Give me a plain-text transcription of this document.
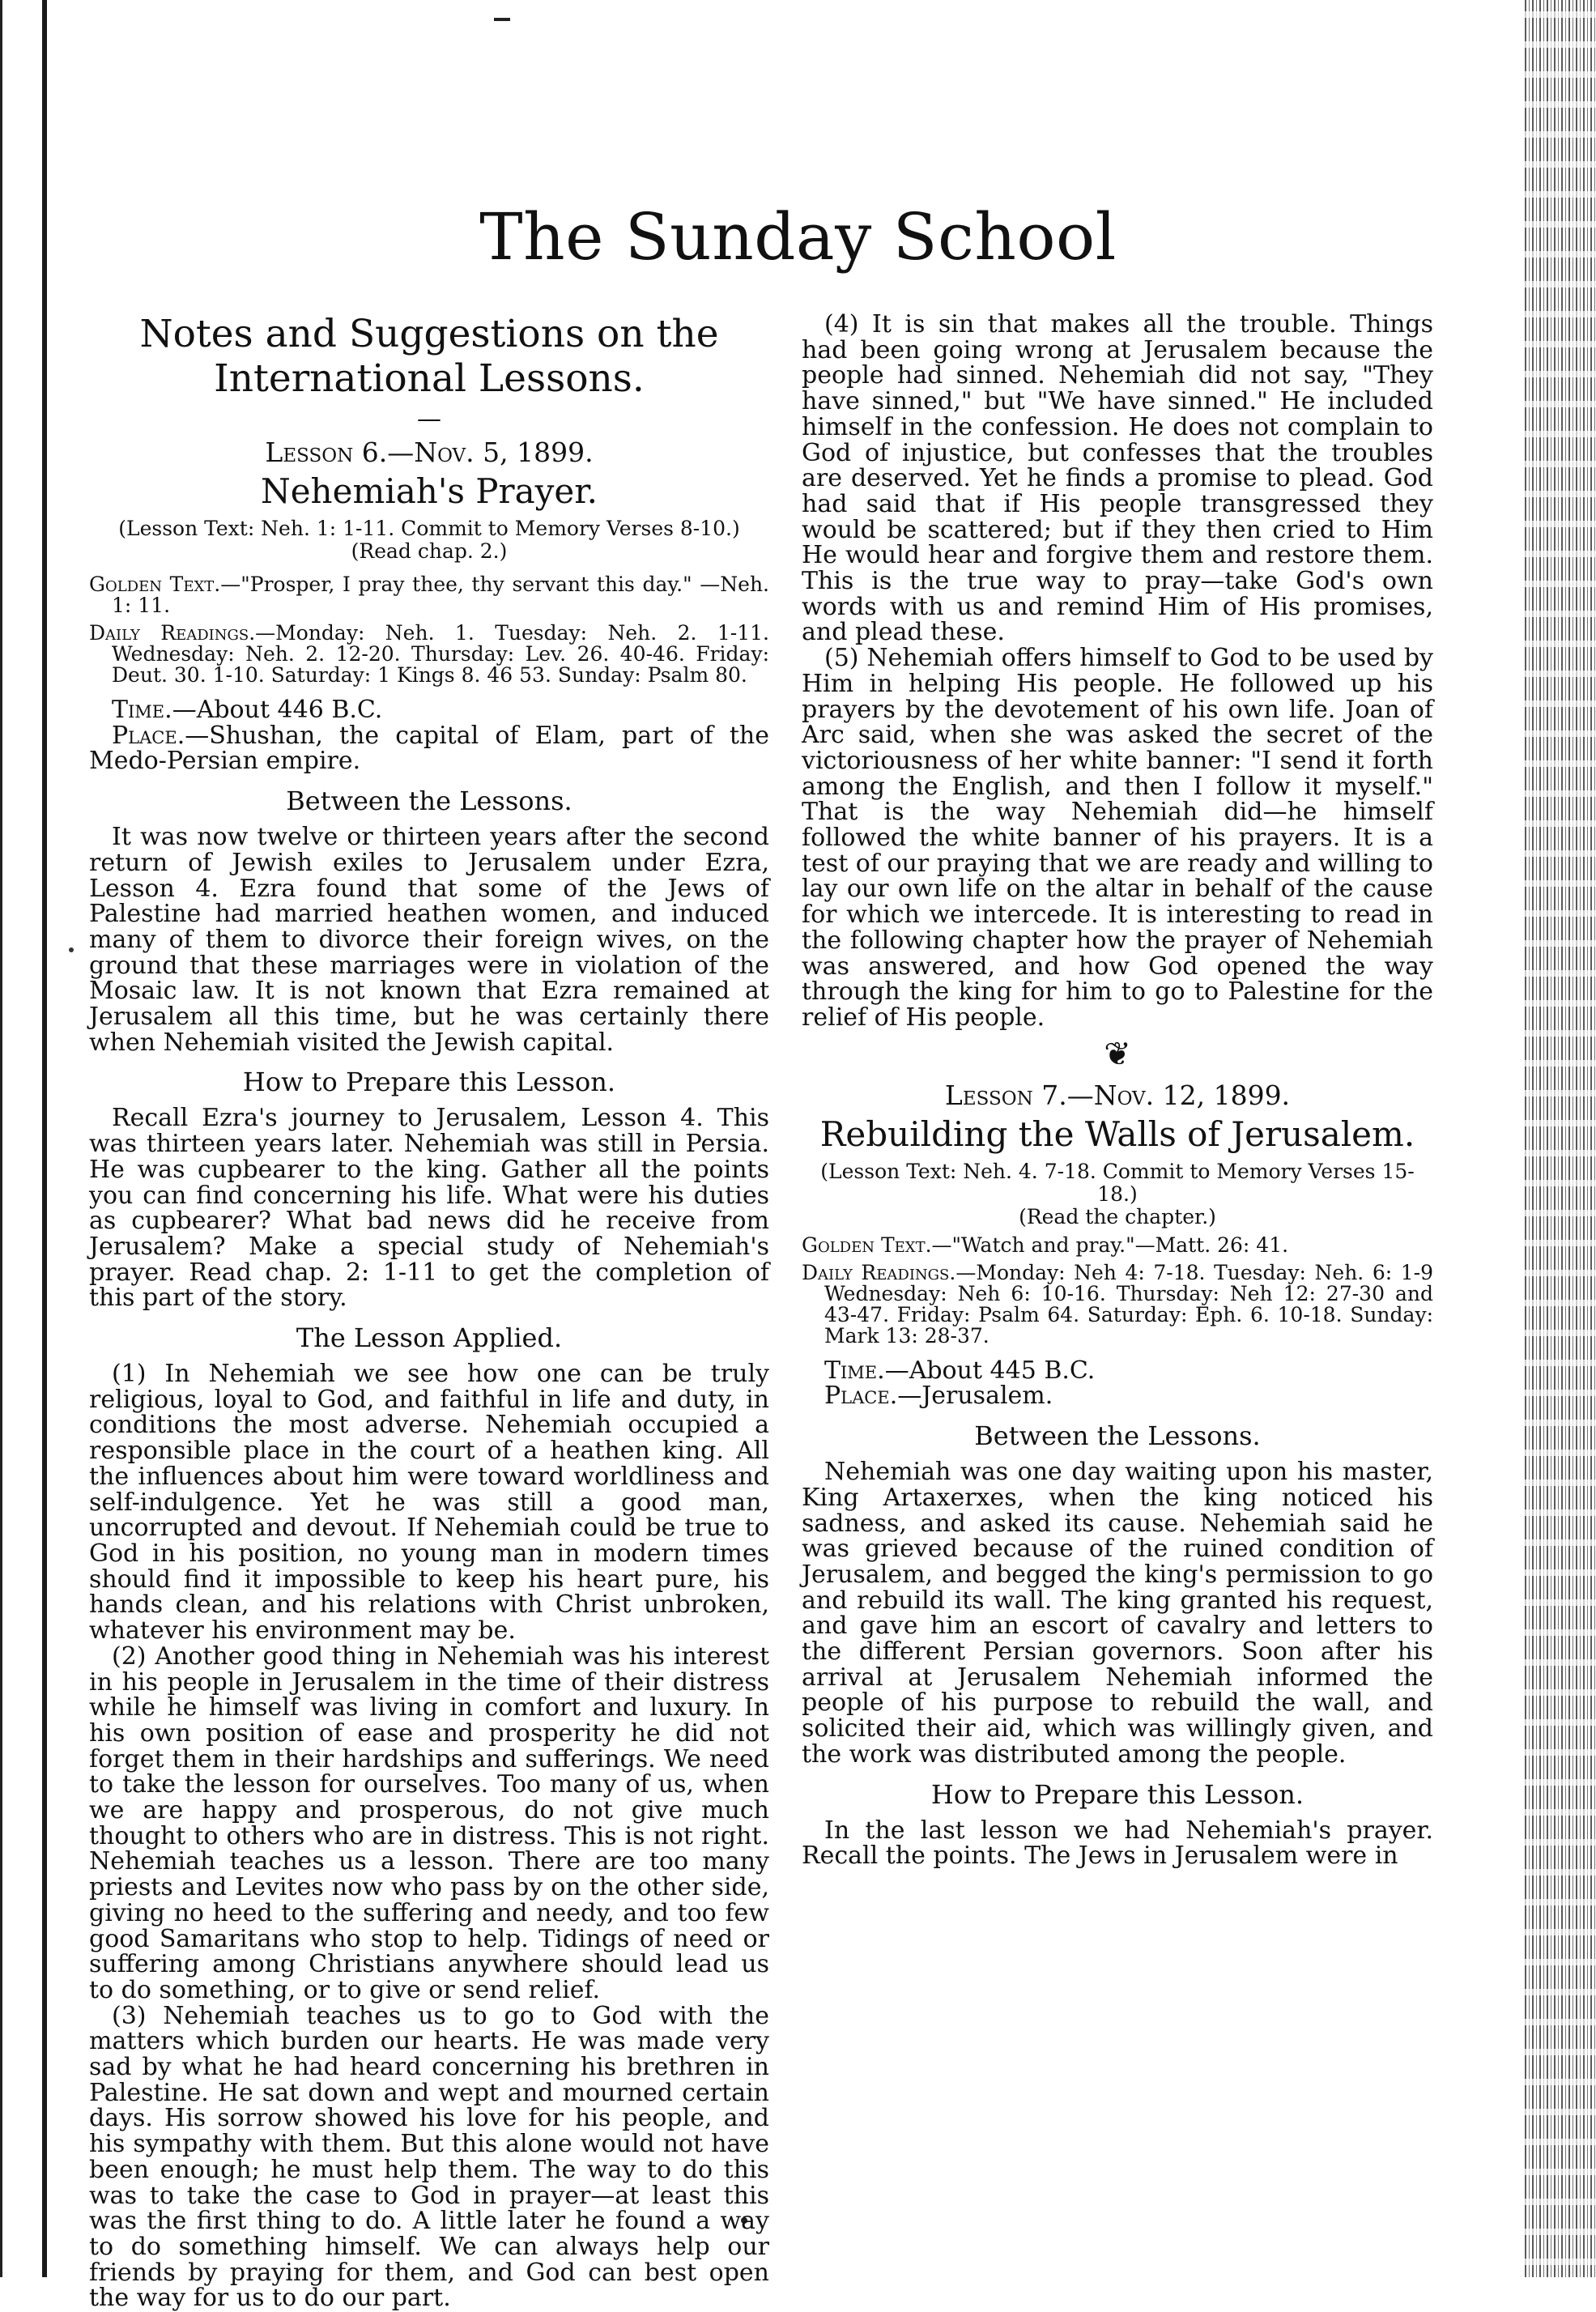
The Sunday School
Notes and Suggestions on the International Lessons.
—
Lesson 6.—Nov. 5, 1899.
Nehemiah's Prayer.
(Lesson Text: Neh. 1: 1-11. Commit to Memory Verses 8-10.)
(Read chap. 2.)

Golden Text.—"Prosper, I pray thee, thy servant this day." —Neh. 1: 11.

Daily Readings.—Monday: Neh. 1. Tuesday: Neh. 2. 1-11. Wednesday: Neh. 2. 12-20. Thursday: Lev. 26. 40-46. Friday: Deut. 30. 1-10. Saturday: 1 Kings 8. 46 53. Sunday: Psalm 80.

Time.—About 446 B.C.

Place.—Shushan, the capital of Elam, part of the Medo-Persian empire.

Between the Lessons.

It was now twelve or thirteen years after the second return of Jewish exiles to Jerusalem under Ezra, Lesson 4. Ezra found that some of the Jews of Palestine had married heathen women, and induced many of them to divorce their foreign wives, on the ground that these marriages were in violation of the Mosaic law. It is not known that Ezra remained at Jerusalem all this time, but he was certainly there when Nehemiah visited the Jewish capital.

How to Prepare this Lesson.

Recall Ezra's journey to Jerusalem, Lesson 4. This was thirteen years later. Nehemiah was still in Persia. He was cupbearer to the king. Gather all the points you can find concerning his life. What were his duties as cupbearer? What bad news did he receive from Jerusalem? Make a special study of Nehemiah's prayer. Read chap. 2: 1-11 to get the completion of this part of the story.

The Lesson Applied.

(1) In Nehemiah we see how one can be truly religious, loyal to God, and faithful in life and duty, in conditions the most adverse. Nehemiah occupied a responsible place in the court of a heathen king. All the influences about him were toward worldliness and self-indulgence. Yet he was still a good man, uncorrupted and devout. If Nehemiah could be true to God in his position, no young man in modern times should find it impossible to keep his heart pure, his hands clean, and his relations with Christ unbroken, whatever his environment may be.

(2) Another good thing in Nehemiah was his interest in his people in Jerusalem in the time of their distress while he himself was living in comfort and luxury. In his own position of ease and prosperity he did not forget them in their hardships and sufferings. We need to take the lesson for ourselves. Too many of us, when we are happy and prosperous, do not give much thought to others who are in distress. This is not right. Nehemiah teaches us a lesson. There are too many priests and Levites now who pass by on the other side, giving no heed to the suffering and needy, and too few good Samaritans who stop to help. Tidings of need or suffering among Christians anywhere should lead us to do something, or to give or send relief.

(3) Nehemiah teaches us to go to God with the matters which burden our hearts. He was made very sad by what he had heard concerning his brethren in Palestine. He sat down and wept and mourned certain days. His sorrow showed his love for his people, and his sympathy with them. But this alone would not have been enough; he must help them. The way to do this was to take the case to God in prayer—at least this was the first thing to do. A little later he found a way to do something himself. We can always help our friends by praying for them, and God can best open the way for us to do our part.

(4) It is sin that makes all the trouble. Things had been going wrong at Jerusalem because the people had sinned. Nehemiah did not say, "They have sinned," but "We have sinned." He included himself in the confession. He does not complain to God of injustice, but confesses that the troubles are deserved. Yet he finds a promise to plead. God had said that if His people transgressed they would be scattered; but if they then cried to Him He would hear and forgive them and restore them. This is the true way to pray—take God's own words with us and remind Him of His promises, and plead these.

(5) Nehemiah offers himself to God to be used by Him in helping His people. He followed up his prayers by the devotement of his own life. Joan of Arc said, when she was asked the secret of the victoriousness of her white banner: "I send it forth among the English, and then I follow it myself." That is the way Nehemiah did—he himself followed the white banner of his prayers. It is a test of our praying that we are ready and willing to lay our own life on the altar in behalf of the cause for which we intercede. It is interesting to read in the following chapter how the prayer of Nehemiah was answered, and how God opened the way through the king for him to go to Palestine for the relief of His people.

❦
Lesson 7.—Nov. 12, 1899.
Rebuilding the Walls of Jerusalem.
(Lesson Text: Neh. 4. 7-18. Commit to Memory Verses 15-18.)
(Read the chapter.)

Golden Text.—"Watch and pray."—Matt. 26: 41.

Daily Readings.—Monday: Neh 4: 7-18. Tuesday: Neh. 6: 1-9 Wednesday: Neh 6: 10-16. Thursday: Neh 12: 27-30 and 43-47. Friday: Psalm 64. Saturday: Eph. 6. 10-18. Sunday: Mark 13: 28-37.

Time.—About 445 B.C.

Place.—Jerusalem.

Between the Lessons.

Nehemiah was one day waiting upon his master, King Artaxerxes, when the king noticed his sadness, and asked its cause. Nehemiah said he was grieved because of the ruined condition of Jerusalem, and begged the king's permission to go and rebuild its wall. The king granted his request, and gave him an escort of cavalry and letters to the different Persian governors. Soon after his arrival at Jerusalem Nehemiah informed the people of his purpose to rebuild the wall, and solicited their aid, which was willingly given, and the work was distributed among the people.

How to Prepare this Lesson.

In the last lesson we had Nehemiah's prayer. Recall the points. The Jews in Jerusalem were in
